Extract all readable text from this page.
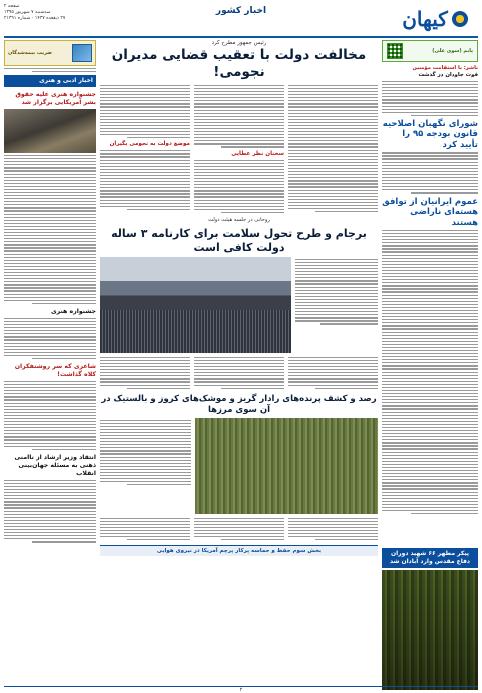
کیهان
اخبار کشور
صفحه ۲
سه‌شنبه ۷ شهریور ۱۳۹۵
۲۷ ذیقعده ۱۴۳۷ - شماره ۲۱۳۹۱
پایم (سوی علی)
ناشر: با استقامت مؤمنین
فوت جاودان در گذشت
شورای نگهبان اصلاحیه قانون بودجه ۹۵ را تأیید کرد
عموم ایرانیان از توافق هسته‌ای ناراضی هستند
پیکر مطهر ۶۶ شهید دوران دفاع مقدس وارد آبادان شد
ضریب بیمه‌شدگان
اخبار ادبی و هنری
جشنواره هنری علیه حقوق بشر آمریکایی برگزار شد
جشنواره هنری
شاعری که سر روشنفکران کلاه گذاشت!
انتقاد وزیر ارشاد از ناامنی ذهنی به مسئله جهان‌بینی انقلاب
رئیس جمهور مطرح کرد
مخالفت دولت با تعقیب قضایی مدیران نجومی!
سخنان نظر عطایی
موضع دولت به نجومی بگیران
روحانی در جلسه هیئت دولت
برجام و طرح تحول سلامت برای کارنامه ۳ ساله دولت کافی است
رصد و کشف پرنده‌های رادار گریز و موشک‌های کروز و بالستیک در آن سوی مرزها
بخش سوم حفظ و حماسه پرکار پرچم آمریکا در نیروی هوایی
۲
